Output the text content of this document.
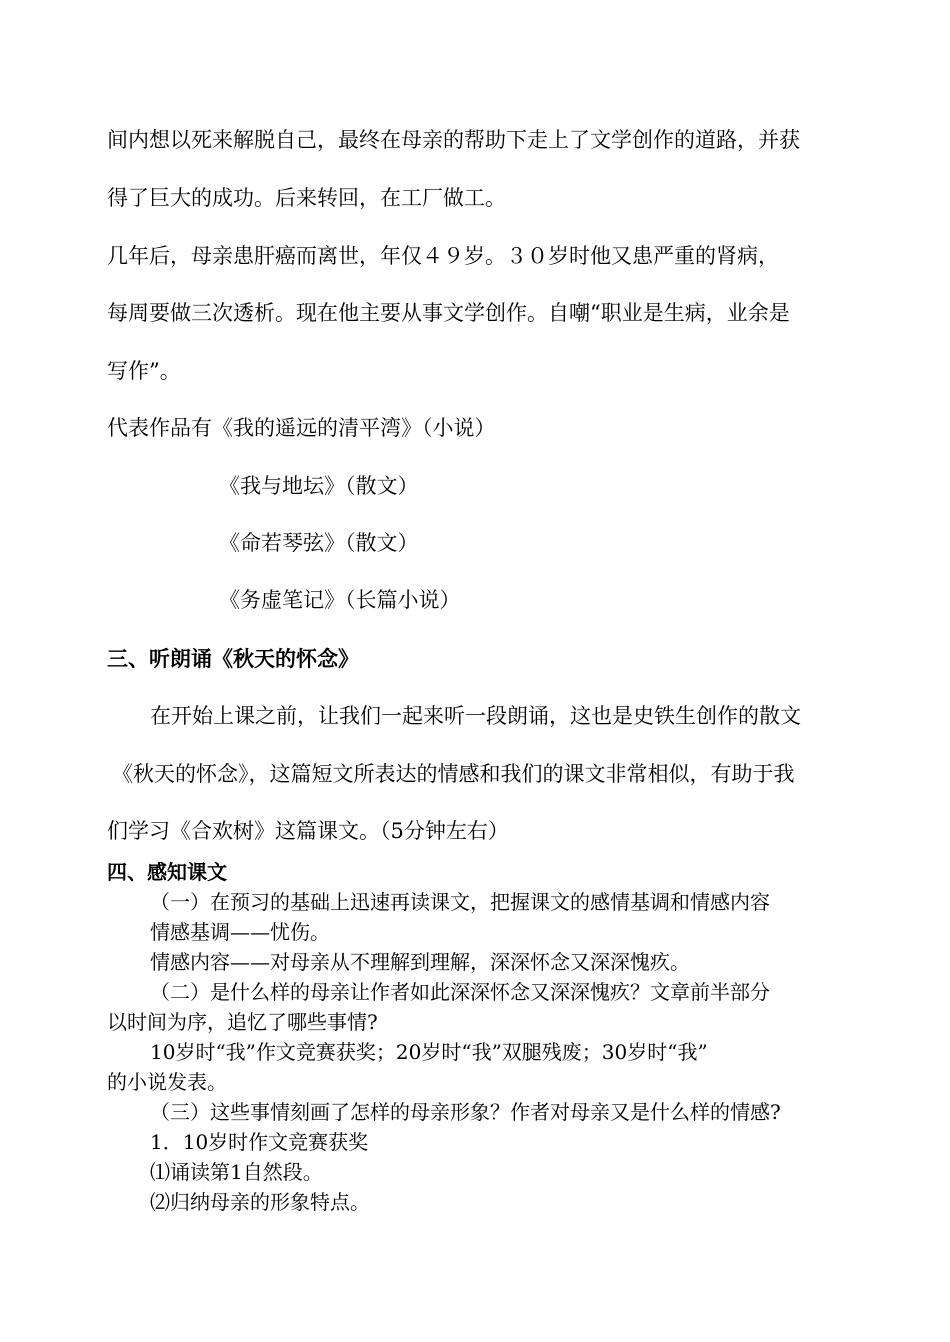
间内想以死来解脱自己，最终在母亲的帮助下走上了文学创作的道路，并获
得了巨大的成功。后来转回，在工厂做工。
几年后，母亲患肝癌而离世，年仅４９岁。３０岁时他又患严重的肾病，
每周要做三次透析。现在他主要从事文学创作。自嘲“职业是生病，业余是
写作”。
代表作品有《我的遥远的清平湾》（小说）
《我与地坛》（散文）
《命若琴弦》（散文）
《务虚笔记》（长篇小说）
三、听朗诵《秋天的怀念》
在开始上课之前，让我们一起来听一段朗诵，这也是史铁生创作的散文
《秋天的怀念》，这篇短文所表达的情感和我们的课文非常相似，有助于我
们学习《合欢树》这篇课文。（5分钟左右）
四、感知课文
（一）在预习的基础上迅速再读课文，把握课文的感情基调和情感内容
情感基调——忧伤。
情感内容——对母亲从不理解到理解，深深怀念又深深愧疚。
（二）是什么样的母亲让作者如此深深怀念又深深愧疚？文章前半部分
以时间为序，追忆了哪些事情?
10岁时“我”作文竞赛获奖；20岁时“我”双腿残废；30岁时“我”
的小说发表。
（三）这些事情刻画了怎样的母亲形象？作者对母亲又是什么样的情感?
1．10岁时作文竞赛获奖
⑴诵读第1自然段。
⑵归纳母亲的形象特点。
